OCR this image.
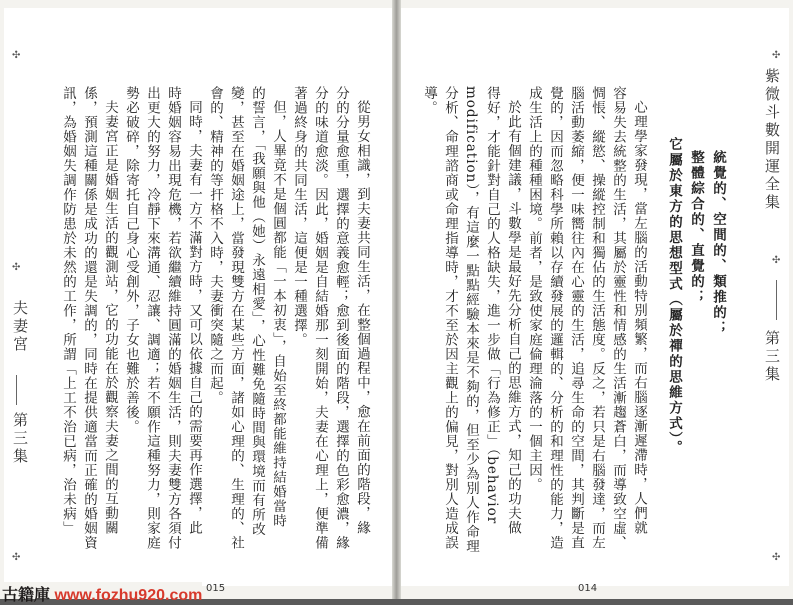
✣
紫微斗數開運全集
✣
第三集
✣
✣
✣
夫妻宮
第三集
✣
統覺的、空間的、類推的；
整體綜合的、直覺的；
它屬於東方的思想型式（屬於禪的思維方式）。
心理學家發現，當左腦的活動特別頻繁，而右腦逐漸遲滯時，人們就
容易失去統整的生活，其屬於靈性和情感的生活漸趨蒼白，而導致空虛、
惆悵、縱慾、操縱控制和獨佔的生活態度。反之，若只是右腦發達，而左
腦活動萎縮，便一味嚮往內在心靈的生活，追尋生命的空間，其判斷是直
覺的，因而忽略科學所賴以存續發展的邏輯的、分析的和理性的能力，造
成生活上的種種困境。前者，是致使家庭倫理淪落的一個主因。
於此有個建議，斗數學是最好先分析自己的思維方式，知己的功夫做
得好，才能針對自己的人格缺失，進一步做「行為修正」（behavior
modification），有這麼一點點經驗本來是不夠的，但至少為別人作命理
分析、命理諮商或命理指導時，才不至於因主觀上的偏見，對別人造成誤
導。
從男女相識，到夫妻共同生活，在整個過程中，愈在前面的階段，緣
分的分量愈重，選擇的意義愈輕；愈到後面的階段，選擇的色彩愈濃，緣
分的味道愈淡。因此，婚姻是自結婚那一刻開始，夫妻在心理上，便準備
著過終身的共同生活，這便是一種選擇。
但，人畢竟不是個圓都能「一本初衷」，自始至終都能維持結婚當時
的誓言，「我願與他（她）永遠相愛」，心性難免隨時間與環境而有所改
變，甚至在婚姻途上，當發現雙方在某些方面，諸如心理的、生理的、社
會的、精神的等扞格不入時，夫妻衝突隨之而起。
同時，夫妻有一方不滿對方時，又可以依據自己的需要再作選擇，此
時婚姻容易出現危機，若欲繼續維持圓滿的婚姻生活，則夫妻雙方各須付
出更大的努力，冷靜下來溝通、忍讓、調適；若不願作這種努力，則家庭
勢必破碎，除寄托自己身心受創外，子女也難於善後。
夫妻宮正是婚姻生活的觀測站，它的功能在於觀察夫妻之間的互動關
係，預測這種關係是成功的還是失調的，同時在提供適當而正確的婚姻資
訊，為婚姻失調作防患於未然的工作，所謂「上工不治已病，治未病」
014
015
古籍庫 www.fozhu920.com
